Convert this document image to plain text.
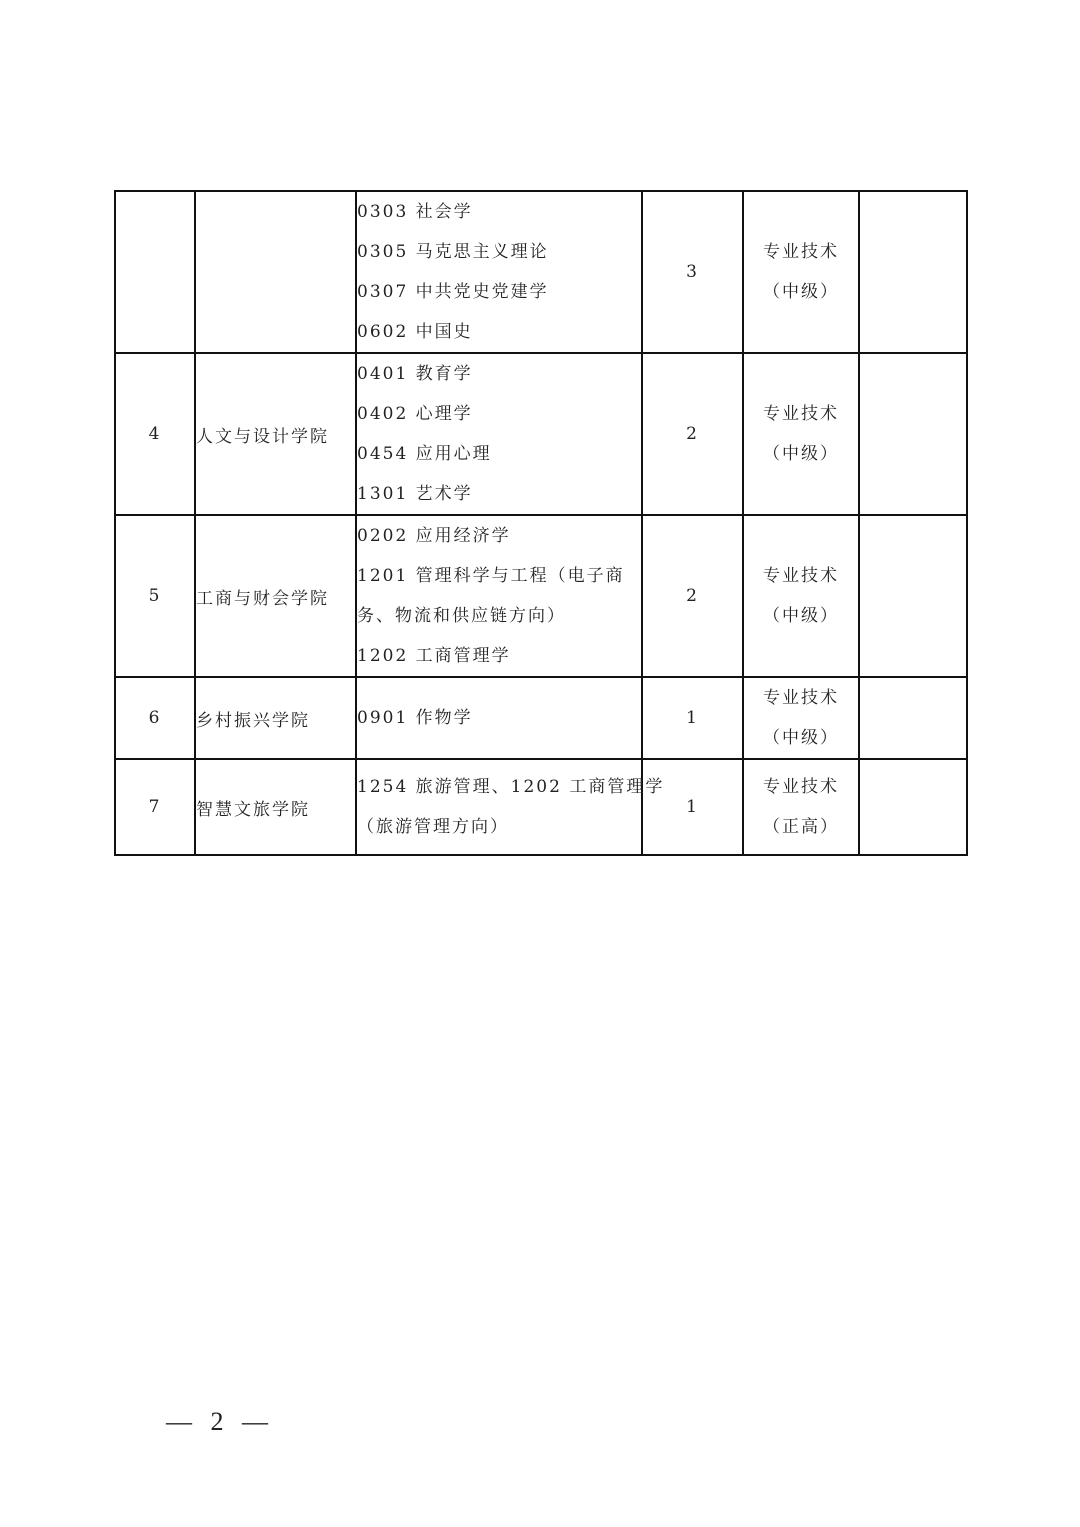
		0303 社会学
0305 马克思主义理论
0307 中共党史党建学
0602 中国史	3	专业技术
（中级）	

4	人文与设计学院	0401 教育学
0402 心理学
0454 应用心理
1301 艺术学	2	专业技术
（中级）	

5	工商与财会学院	0202 应用经济学
1201 管理科学与工程（电子商
务、物流和供应链方向）
1202 工商管理学	2	专业技术
（中级）	

6	乡村振兴学院	0901 作物学	1	专业技术
（中级）	

7	智慧文旅学院	1254 旅游管理、1202 工商管理学
（旅游管理方向）	1	专业技术
（正高）	

— 2 —
